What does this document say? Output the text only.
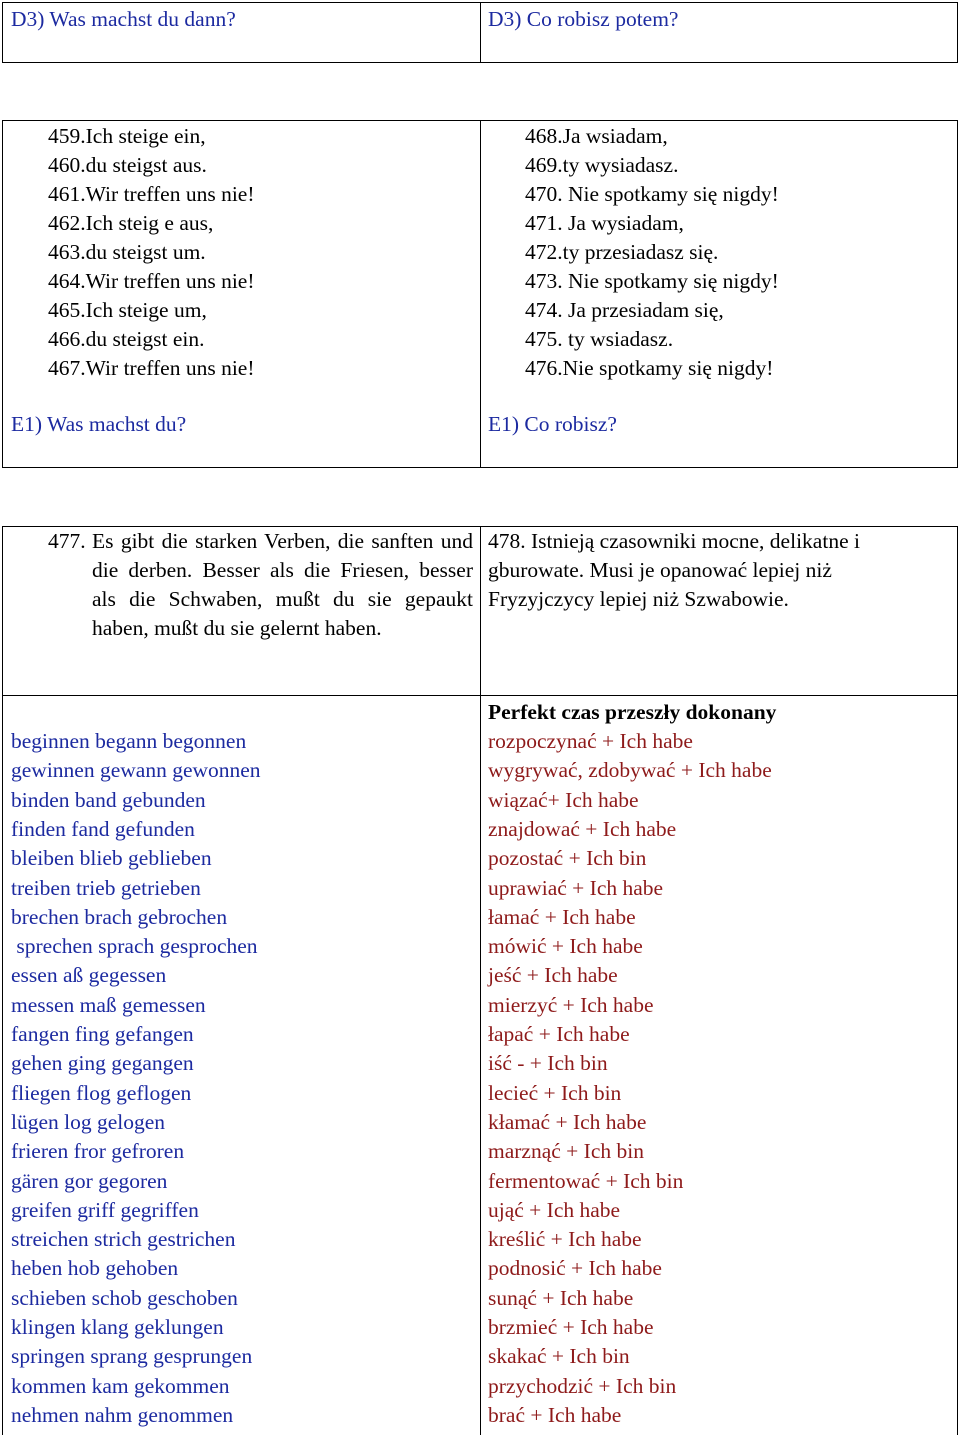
D3) Was machst du dann?	D3) Co robisz potem?
459.Ich steige ein,
460.du steigst aus.
461.Wir treffen uns nie!
462.Ich steig e aus,
463.du steigst um.
464.Wir treffen uns nie!
465.Ich steige um,
466.du steigst ein.
467.Wir treffen uns nie!
468.Ja wsiadam,
469.ty wysiadasz.
470. Nie spotkamy się nigdy!
471. Ja wysiadam,
472.ty przesiadasz się.
473. Nie spotkamy się nigdy!
474. Ja przesiadam się,
475. ty wsiadasz.
476.Nie spotkamy się nigdy!
E1) Was machst du?	E1) Co robisz?
477. Es gibt die starken Verben, die sanften und die derben. Besser als die Friesen, besser als die Schwaben, mußt du sie gepaukt haben, mußt du sie gelernt haben.
478. Istnieją czasowniki mocne, delikatne i gburowate. Musi je opanować lepiej niż Fryzyjczycy lepiej niż Szwabowie.
Perfekt czas przeszły dokonany
beginnen begann begonnen
gewinnen gewann gewonnen
binden band gebunden
finden fand gefunden
bleiben blieb geblieben
treiben trieb getrieben
brechen brach gebrochen
sprechen sprach gesprochen
essen aß gegessen
messen maß gemessen
fangen fing gefangen
gehen ging gegangen
fliegen flog geflogen
lügen log gelogen
frieren fror gefroren
gären gor gegoren
greifen griff gegriffen
streichen strich gestrichen
heben hob gehoben
schieben schob geschoben
klingen klang geklungen
springen sprang gesprungen
kommen kam gekommen
nehmen nahm genommen
rozpoczynać + Ich habe
wygrywać, zdobywać + Ich habe
wiązać+ Ich habe
znajdować + Ich habe
pozostać + Ich bin
uprawiać + Ich habe
łamać + Ich habe
mówić + Ich habe
jeść + Ich habe
mierzyć + Ich habe
łapać + Ich habe
iść - + Ich bin
lecieć + Ich bin
kłamać + Ich habe
marznąć + Ich bin
fermentować + Ich bin
ująć + Ich habe
kreślić + Ich habe
podnosić + Ich habe
sunąć + Ich habe
brzmieć + Ich habe
skakać + Ich bin
przychodzić + Ich bin
brać + Ich habe
